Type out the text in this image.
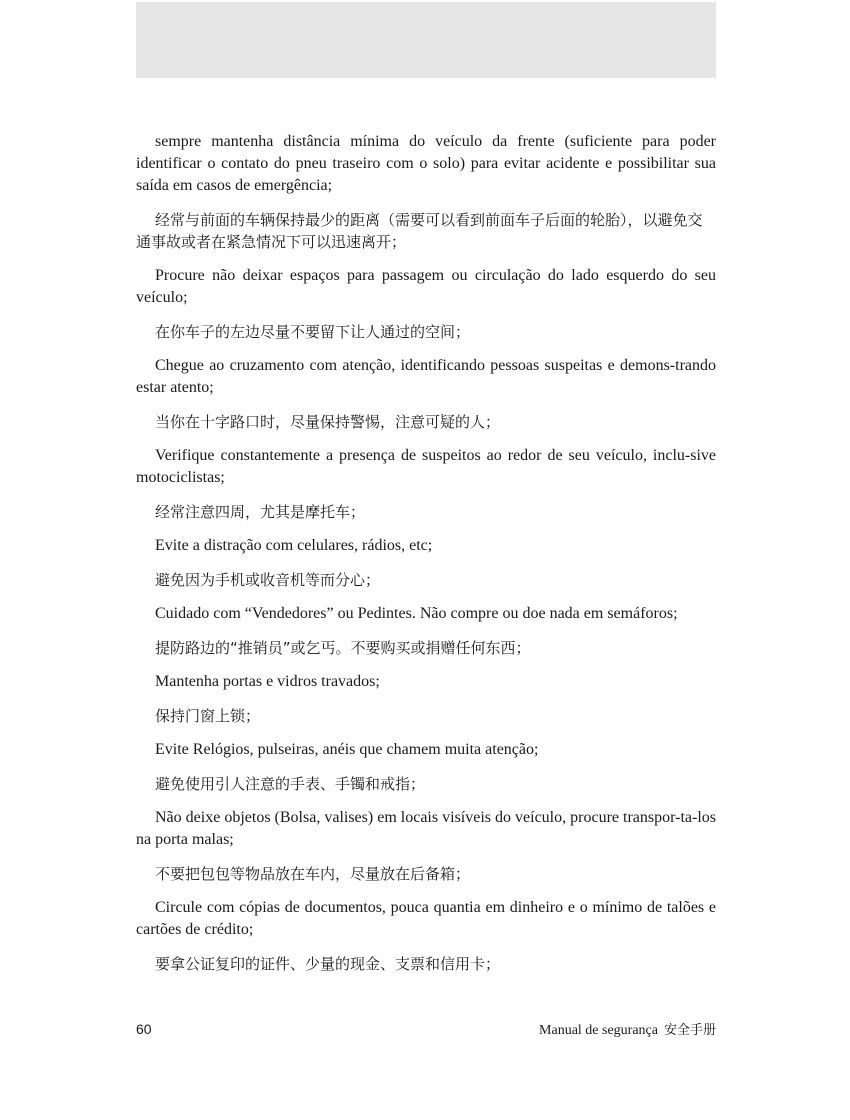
sempre mantenha distância mínima do veículo da frente (suficiente para poder identificar o contato do pneu traseiro com o solo) para evitar acidente e possibilitar sua saída em casos de emergência;

经常与前面的车辆保持最少的距离（需要可以看到前面车子后面的轮胎），以避免交通事故或者在紧急情况下可以迅速离开；

Procure não deixar espaços para passagem ou circulação do lado esquerdo do seu veículo;

在你车子的左边尽量不要留下让人通过的空间；

Chegue ao cruzamento com atenção, identificando pessoas suspeitas e demons-trando estar atento;

当你在十字路口时，尽量保持警惕，注意可疑的人；

Verifique constantemente a presença de suspeitos ao redor de seu veículo, inclu-sive motociclistas;

经常注意四周，尤其是摩托车；

Evite a distração com celulares, rádios, etc;

避免因为手机或收音机等而分心；

Cuidado com “Vendedores” ou Pedintes. Não compre ou doe nada em semáforos;

提防路边的“推销员”或乞丐。不要购买或捐赠任何东西；

Mantenha portas e vidros travados;

保持门窗上锁；

Evite Relógios, pulseiras, anéis que chamem muita atenção;

避免使用引人注意的手表、手镯和戒指；

Não deixe objetos (Bolsa, valises) em locais visíveis do veículo, procure transpor-ta-los na porta malas;

不要把包包等物品放在车内，尽量放在后备箱；

Circule com cópias de documentos, pouca quantia em dinheiro e o mínimo de talões e cartões de crédito;

要拿公证复印的证件、少量的现金、支票和信用卡；

60	Manual de segurança 安全手册
